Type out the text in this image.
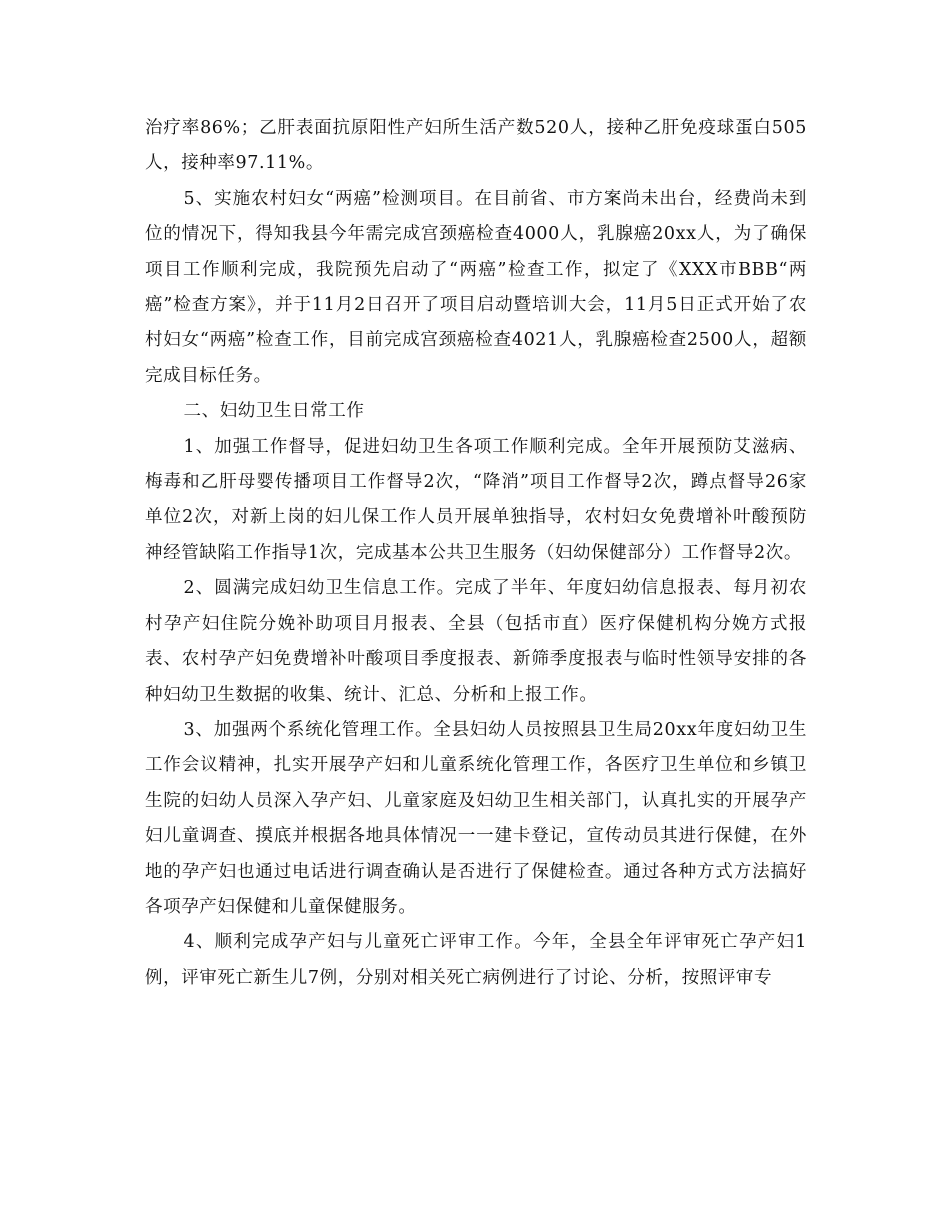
治疗率86%；乙肝表面抗原阳性产妇所生活产数520人，接种乙肝免疫球蛋白505人，接种率97.11%。

5、实施农村妇女“两癌”检测项目。在目前省、市方案尚未出台，经费尚未到位的情况下，得知我县今年需完成宫颈癌检查4000人，乳腺癌20xx人，为了确保项目工作顺利完成，我院预先启动了“两癌”检查工作，拟定了《XXX市BBB“两癌”检查方案》，并于11月2日召开了项目启动暨培训大会，11月5日正式开始了农村妇女“两癌”检查工作，目前完成宫颈癌检查4021人，乳腺癌检查2500人，超额完成目标任务。

二、妇幼卫生日常工作

1、加强工作督导，促进妇幼卫生各项工作顺利完成。全年开展预防艾滋病、梅毒和乙肝母婴传播项目工作督导2次，“降消”项目工作督导2次，蹲点督导26家单位2次，对新上岗的妇儿保工作人员开展单独指导，农村妇女免费增补叶酸预防神经管缺陷工作指导1次，完成基本公共卫生服务（妇幼保健部分）工作督导2次。

2、圆满完成妇幼卫生信息工作。完成了半年、年度妇幼信息报表、每月初农村孕产妇住院分娩补助项目月报表、全县（包括市直）医疗保健机构分娩方式报表、农村孕产妇免费增补叶酸项目季度报表、新筛季度报表与临时性领导安排的各种妇幼卫生数据的收集、统计、汇总、分析和上报工作。

3、加强两个系统化管理工作。全县妇幼人员按照县卫生局20xx年度妇幼卫生工作会议精神，扎实开展孕产妇和儿童系统化管理工作，各医疗卫生单位和乡镇卫生院的妇幼人员深入孕产妇、儿童家庭及妇幼卫生相关部门，认真扎实的开展孕产妇儿童调查、摸底并根据各地具体情况一一建卡登记，宣传动员其进行保健，在外地的孕产妇也通过电话进行调查确认是否进行了保健检查。通过各种方式方法搞好各项孕产妇保健和儿童保健服务。

4、顺利完成孕产妇与儿童死亡评审工作。今年，全县全年评审死亡孕产妇1例，评审死亡新生儿7例，分别对相关死亡病例进行了讨论、分析，按照评审专
